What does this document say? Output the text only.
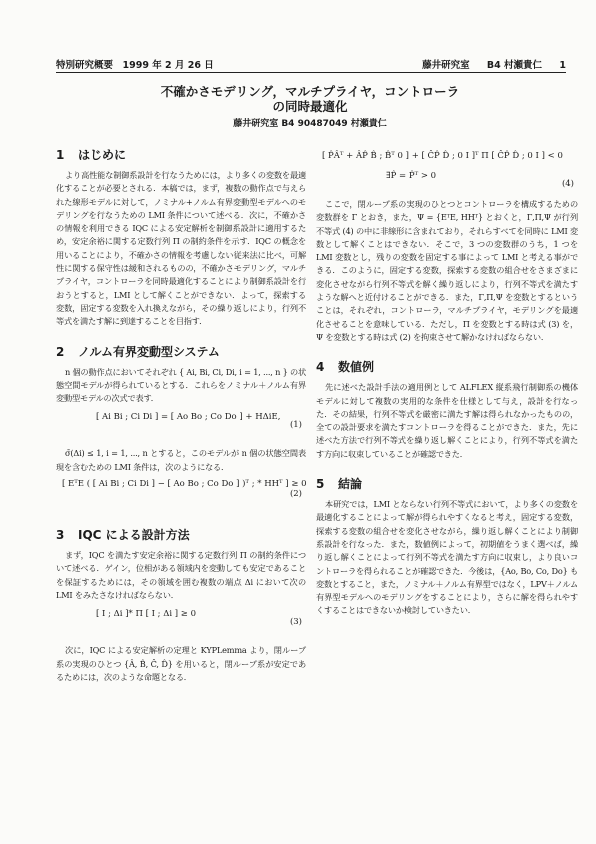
特別研究概要　1999 年 2 月 26 日	藤井研究室 B4 村瀬貴仁 1
不確かさモデリング，マルチプライヤ，コントローラ
の同時最適化
藤井研究室 B4 90487049 村瀬貴仁
1 はじめに

より高性能な制御系設計を行なうためには，より多くの変数を最適化することが必要とされる．本稿では，まず，複数の動作点で与えられた線形モデルに対して，ノミナル+ノルム有界変動型モデルへのモデリングを行なうための LMI 条件について述べる．次に，不確かさの情報を利用できる IQC による安定解析を制御系設計に適用するため，安定余裕に関する定数行列 Π の制約条件を示す．IQC の概念を用いることにより，不確かさの情報を考慮しない従来法に比べ，可解性に関する保守性は緩和されるものの，不確かさモデリング，マルチプライヤ，コントローラを同時最適化することにより制御系設計を行おうとすると，LMI として解くことができない．よって，探索する変数，固定する変数を入れ換えながら，その繰り返しにより，行列不等式を満たす解に到達することを目指す．

2 ノルム有界変動型システム

n 個の動作点においてそれぞれ { Ai, Bi, Ci, Di, i = 1, ..., n } の状態空間モデルが得られているとする．これらをノミナル＋ノルム有界変動型モデルの次式で表す．

[ Ai Bi ; Ci Di ] = [ Ao Bo ; Co Do ] + HΔiE,
(1)

σ̄(Δi) ≤ 1, i = 1, ..., n とすると，このモデルが n 個の状態空間表現を含むための LMI 条件は，次のようになる．

[ EᵀE ( [ Ai Bi ; Ci Di ] − [ Ao Bo ; Co Do ] )ᵀ ; * HHᵀ ] ≥ 0
(2)
3 IQC による設計方法

まず，IQC を満たす安定余裕に関する定数行列 Π の制約条件について述べる．ゲイン，位相がある領域内を変動しても安定であることを保証するためには，その領域を囲む複数の端点 Δi において次の LMI をみたさなければならない．

[ I ; Δi ]* Π [ I ; Δi ] ≥ 0
(3)

次に，IQC による安定解析の定理と KYPLemma より，閉ループ系の実現のひとつ {Â, B̂, Ĉ, D̂} を用いると，閉ループ系が安定であるためには，次のような命題となる．

[ P̂Âᵀ + ÂP̂ B̂ ; B̂ᵀ 0 ] + [ ĈP̂ D̂ ; 0 I ]ᵀ Π [ ĈP̂ D̂ ; 0 I ] < 0
∃P̂ = P̂ᵀ > 0
(4)

ここで，閉ループ系の実現のひとつとコントローラを構成するための変数群を Γ とおき，また，Ψ = {EᵀE, HHᵀ} とおくと，Γ,Π,Ψ が行列不等式 (4) の中に非線形に含まれており，それらすべてを同時に LMI 変数として解くことはできない．そこで，3 つの変数群のうち，1 つを LMI 変数とし，残りの変数を固定する事によって LMI と考える事ができる．このように，固定する変数，探索する変数の組合せをさまざまに変化させながら行列不等式を解く繰り返しにより，行列不等式を満たすような解へと近付けることができる．また，Γ,Π,Ψ を変数とするということは，それぞれ，コントローラ，マルチプライヤ，モデリングを最適化させることを意味している．ただし，Π を変数とする時は式 (3) を，Ψ を変数とする時は式 (2) を拘束させて解かなければならない．

4 数値例

先に述べた設計手法の適用例として ALFLEX 縦系飛行制御系の機体モデルに対して複数の実用的な条件を仕様として与え，設計を行なった．その結果，行列不等式を厳密に満たす解は得られなかったものの，全ての設計要求を満たすコントローラを得ることができた．また，先に述べた方法で行列不等式を繰り返し解くことにより，行列不等式を満たす方向に収束していることが確認できた．

5 結論

本研究では，LMI とならない行列不等式において，より多くの変数を最適化することによって解が得られやすくなると考え，固定する変数，探索する変数の組合せを変化させながら，繰り返し解くことにより制御系設計を行なった．また，数値例によって，初期値をうまく選べば，繰り返し解くことによって行列不等式を満たす方向に収束し，より良いコントローラを得られることが確認できた．今後は，{Ao, Bo, Co, Do} も変数とすること，また，ノミナル＋ノルム有界型ではなく，LPV＋ノルム有界型モデルへのモデリングをすることにより，さらに解を得られやすくすることはできないか検討していきたい．
